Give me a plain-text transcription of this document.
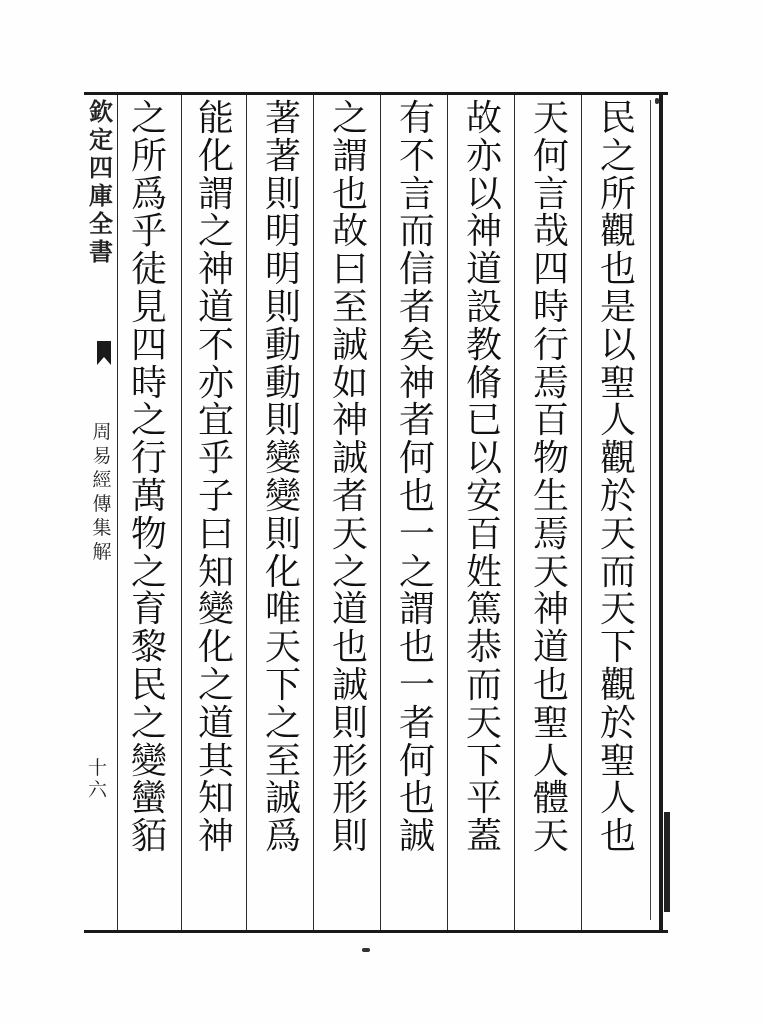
欽
定
四
庫
全
書
周
易
經
傳
集
解
十六
民
之
所
觀
也
是
以
聖
人
觀
於
天
而
天
下
觀
於
聖
人
也
天
何
言
哉
四
時
行
焉
百
物
生
焉
天
神
道
也
聖
人
體
天
故
亦
以
神
道
設
教
脩
已
以
安
百
姓
篤
恭
而
天
下
平
蓋
有
不
言
而
信
者
矣
神
者
何
也
一
之
謂
也
一
者
何
也
誠
之
謂
也
故
曰
至
誠
如
神
誠
者
天
之
道
也
誠
則
形
形
則
著
著
則
明
明
則
動
動
則
變
變
則
化
唯
天
下
之
至
誠
爲
能
化
謂
之
神
道
不
亦
宜
乎
子
曰
知
變
化
之
道
其
知
神
之
所
爲
乎
徒
見
四
時
之
行
萬
物
之
育
黎
民
之
變
蠻
貊
